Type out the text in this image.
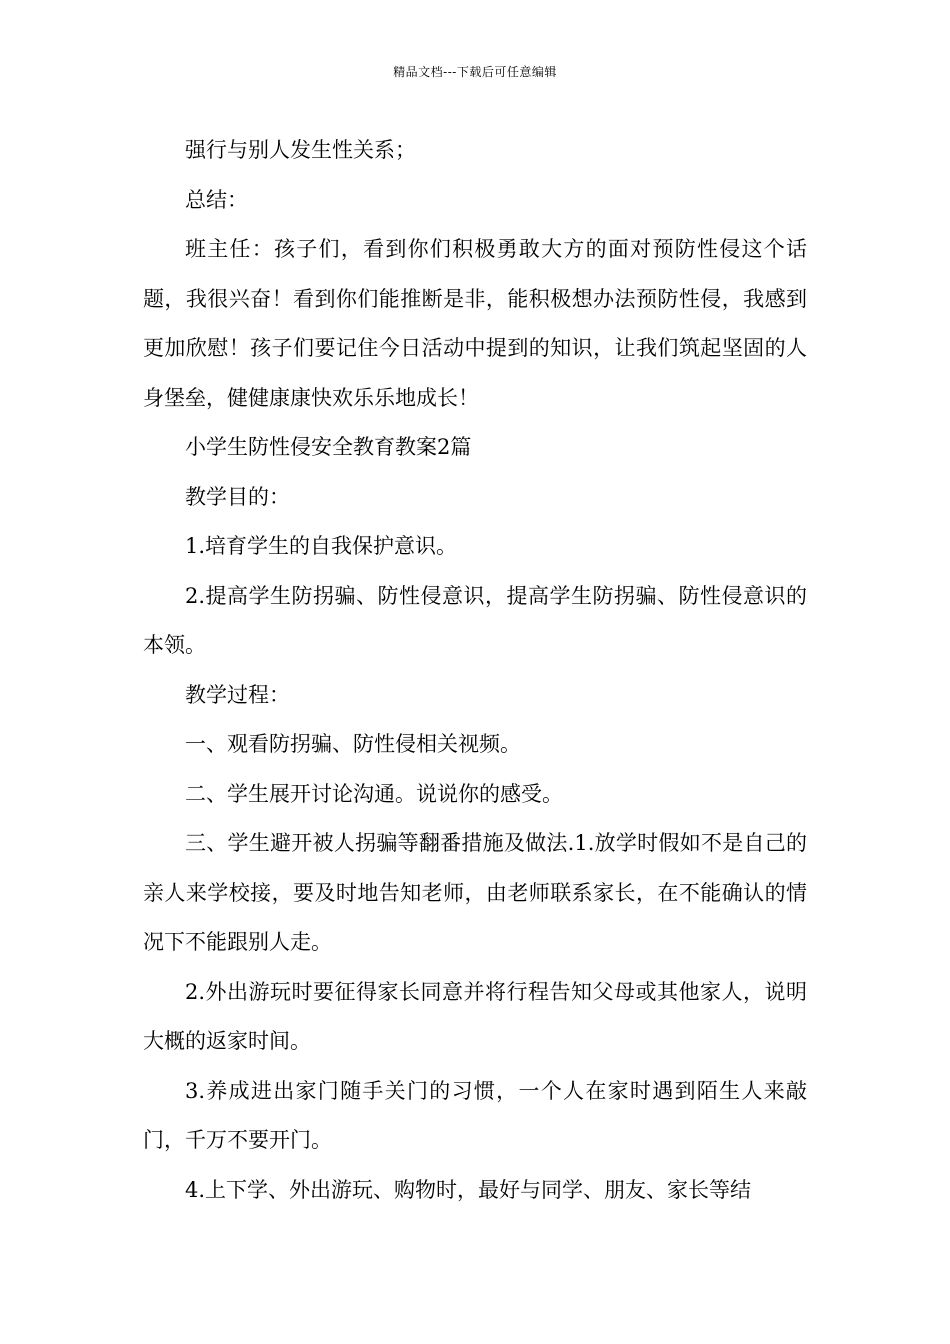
精品文档---下载后可任意编辑

强行与别人发生性关系；

总结：

班主任：孩子们，看到你们积极勇敢大方的面对预防性侵这个话题，我很兴奋！看到你们能推断是非，能积极想办法预防性侵，我感到更加欣慰！孩子们要记住今日活动中提到的知识，让我们筑起坚固的人身堡垒，健健康康快欢乐乐地成长！

小学生防性侵安全教育教案2篇

教学目的：

1.培育学生的自我保护意识。

2.提高学生防拐骗、防性侵意识，提高学生防拐骗、防性侵意识的本领。

教学过程：

一、观看防拐骗、防性侵相关视频。

二、学生展开讨论沟通。说说你的感受。

三、学生避开被人拐骗等翻番措施及做法.1.放学时假如不是自己的亲人来学校接，要及时地告知老师，由老师联系家长，在不能确认的情况下不能跟别人走。

2.外出游玩时要征得家长同意并将行程告知父母或其他家人，说明大概的返家时间。

3.养成进出家门随手关门的习惯，一个人在家时遇到陌生人来敲门，千万不要开门。

4.上下学、外出游玩、购物时，最好与同学、朋友、家长等结
